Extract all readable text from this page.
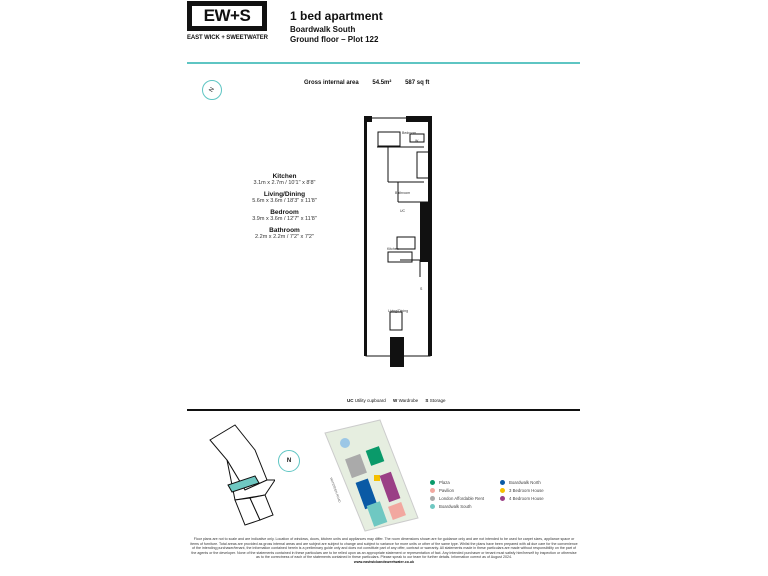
EW+S
EAST WICK + SWEETWATER
1 bed apartment
Boardwalk South
Ground floor – Plot 122
N
Gross internal area 54.5m² 587 sq ft
Kitchen
3.1m x 2.7m / 10'1" x 8'8"
Living/Dining
5.6m x 3.6m / 18'3" x 11'8"
Bedroom
3.9m x 3.6m / 12'7" x 11'8"
Bathroom
2.2m x 2.2m / 7'2" x 7'2"
Bedroom
Bathroom
UC
W
Kitchen
S
Living/Dining
UC Utility cupboard W Wardrobe S Storage
N
WATERDEN ROAD	Plaza	Boardwalk North
Pavilion	3 Bedroom House
London Affordable Rent	4 Bedroom House
Boardwalk South
Floor plans are not to scale and are indicative only. Location of windows, doors, kitchen units and appliances may differ. The room dimensions shown are for guidance only and are not intended to be used for carpet sizes, appliance space or items of furniture. Total areas are provided as gross internal areas and are subject are subject to change and subject to variance for more units or other of the same type. Whilst the plans have been prepared with all due care for the convenience of the intending purchaser/tenant, the information contained herein is a preliminary guide only and does not constitute part of any offer, contract or warranty. All statements made in these particulars are made without responsibility on the part of the agents or the developer. None of the statements contained in these particulars are to be relied upon as an appropriate statement or representation of fact. Any intended purchaser or tenant must satisfy him/herself by inspection or otherwise as to the correctness of each of the statements contained in these particulars. Please speak to our team for further details. Information correct as of August 2024.
www.eastwickandsweetwater.co.uk
